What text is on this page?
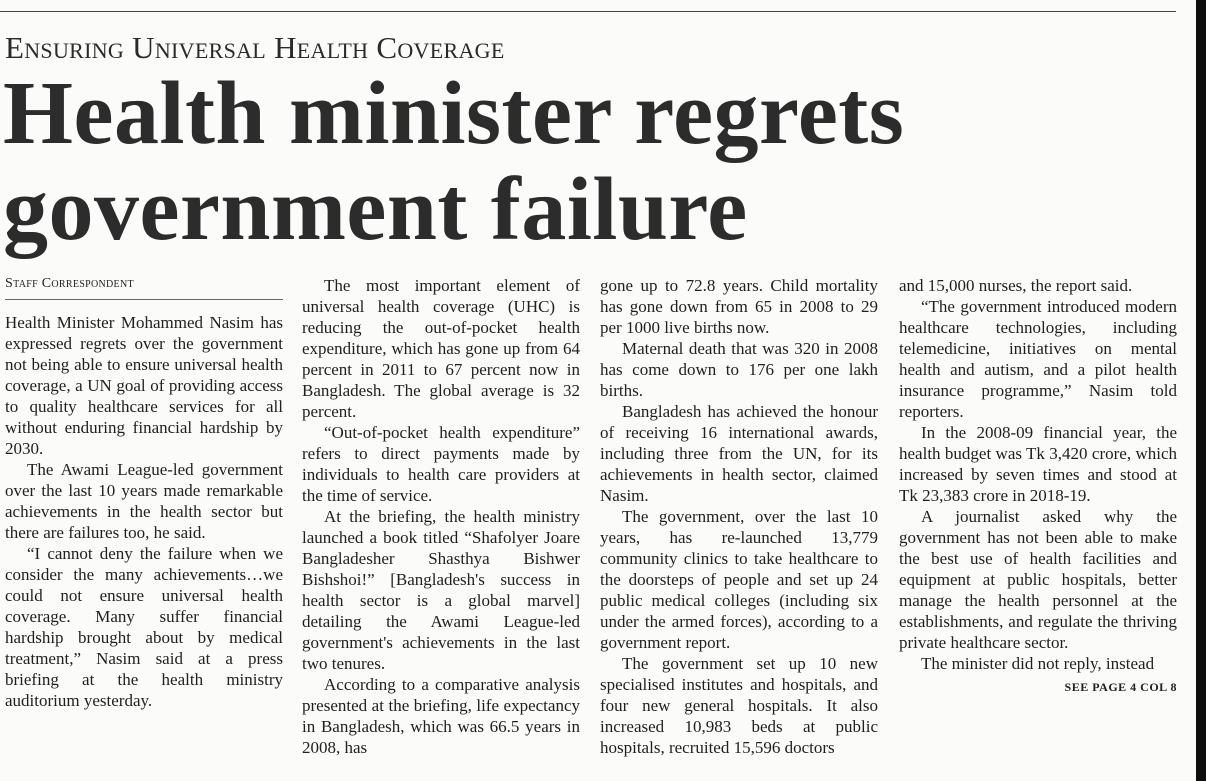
Ensuring Universal Health Coverage
Health minister regrets government failure
Staff Correspondent

Health Minister Mohammed Nasim has expressed regrets over the government not being able to ensure universal health coverage, a UN goal of providing access to quality healthcare services for all without enduring financial hardship by 2030.

The Awami League-led government over the last 10 years made remarkable achievements in the health sector but there are failures too, he said.

“I cannot deny the failure when we consider the many achievements…we could not ensure universal health coverage. Many suffer financial hardship brought about by medical treatment,” Nasim said at a press briefing at the health ministry auditorium yesterday.

The most important element of universal health coverage (UHC) is reducing the out-of-pocket health expenditure, which has gone up from 64 percent in 2011 to 67 percent now in Bangladesh. The global average is 32 percent.

“Out-of-pocket health expenditure” refers to direct payments made by individuals to health care providers at the time of service.

At the briefing, the health ministry launched a book titled “Shafolyer Joare Bangladesher Shasthya Bishwer Bishshoi!” [Bangladesh's success in health sector is a global marvel] detailing the Awami League-led government's achievements in the last two tenures.

According to a comparative analysis presented at the briefing, life expectancy in Bangladesh, which was 66.5 years in 2008, has

gone up to 72.8 years. Child mortality has gone down from 65 in 2008 to 29 per 1000 live births now.

Maternal death that was 320 in 2008 has come down to 176 per one lakh births.

Bangladesh has achieved the honour of receiving 16 international awards, including three from the UN, for its achievements in health sector, claimed Nasim.

The government, over the last 10 years, has re-launched 13,779 community clinics to take healthcare to the doorsteps of people and set up 24 public medical colleges (including six under the armed forces), according to a government report.

The government set up 10 new specialised institutes and hospitals, and four new general hospitals. It also increased 10,983 beds at public hospitals, recruited 15,596 doctors

and 15,000 nurses, the report said.

“The government introduced modern healthcare technologies, including telemedicine, initiatives on mental health and autism, and a pilot health insurance programme,” Nasim told reporters.

In the 2008-09 financial year, the health budget was Tk 3,420 crore, which increased by seven times and stood at Tk 23,383 crore in 2018-19.

A journalist asked why the government has not been able to make the best use of health facilities and equipment at public hospitals, better manage the health personnel at the establishments, and regulate the thriving private healthcare sector.

The minister did not reply, instead

SEE PAGE 4 COL 8
